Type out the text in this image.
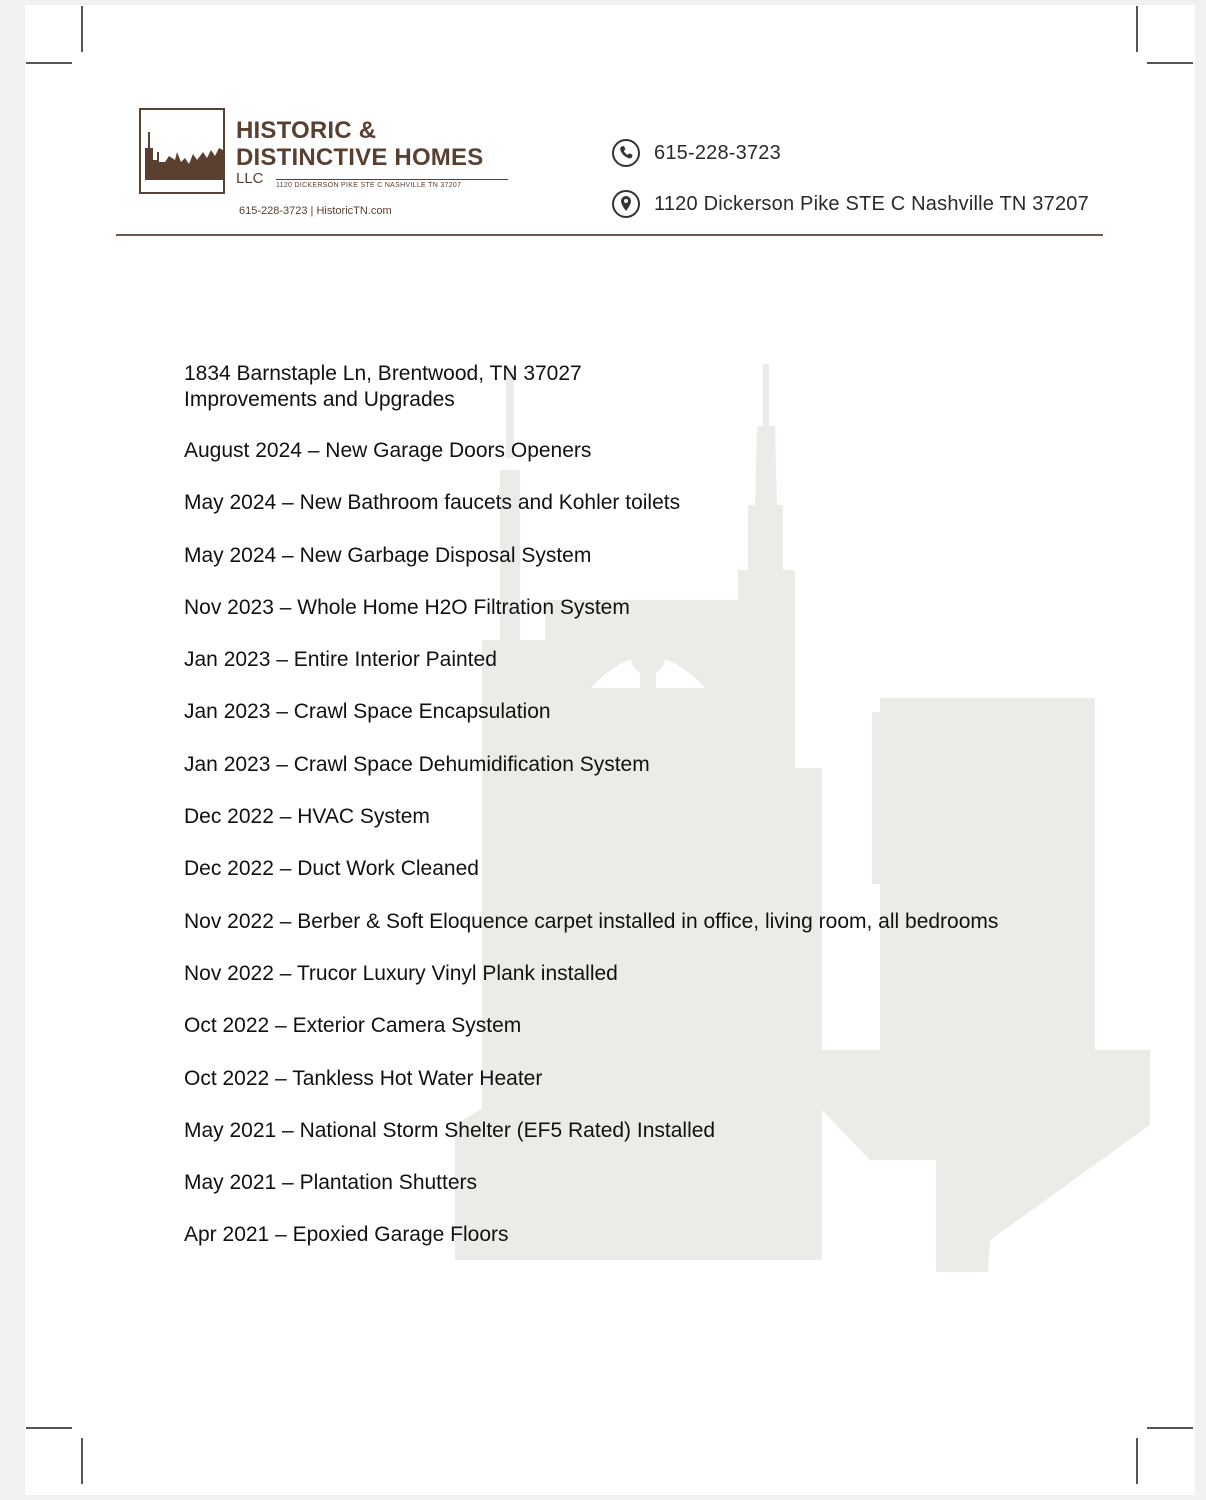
HISTORIC &
DISTINCTIVE HOMES
LLC 1120 DICKERSON PIKE STE C NASHVILLE TN 37207
615-228-3723 | HistoricTN.com
615-228-3723
1120 Dickerson Pike STE C Nashville TN 37207
1834 Barnstaple Ln, Brentwood, TN 37027
Improvements and Upgrades
August 2024 – New Garage Doors Openers
May 2024 – New Bathroom faucets and Kohler toilets
May 2024 – New Garbage Disposal System
Nov 2023 – Whole Home H2O Filtration System
Jan 2023 – Entire Interior Painted
Jan 2023 – Crawl Space Encapsulation
Jan 2023 – Crawl Space Dehumidification System
Dec 2022 – HVAC System
Dec 2022 – Duct Work Cleaned
Nov 2022 – Berber & Soft Eloquence carpet installed in office, living room, all bedrooms
Nov 2022 – Trucor Luxury Vinyl Plank installed
Oct 2022 – Exterior Camera System
Oct 2022 – Tankless Hot Water Heater
May 2021 – National Storm Shelter (EF5 Rated) Installed
May 2021 – Plantation Shutters
Apr 2021 – Epoxied Garage Floors
